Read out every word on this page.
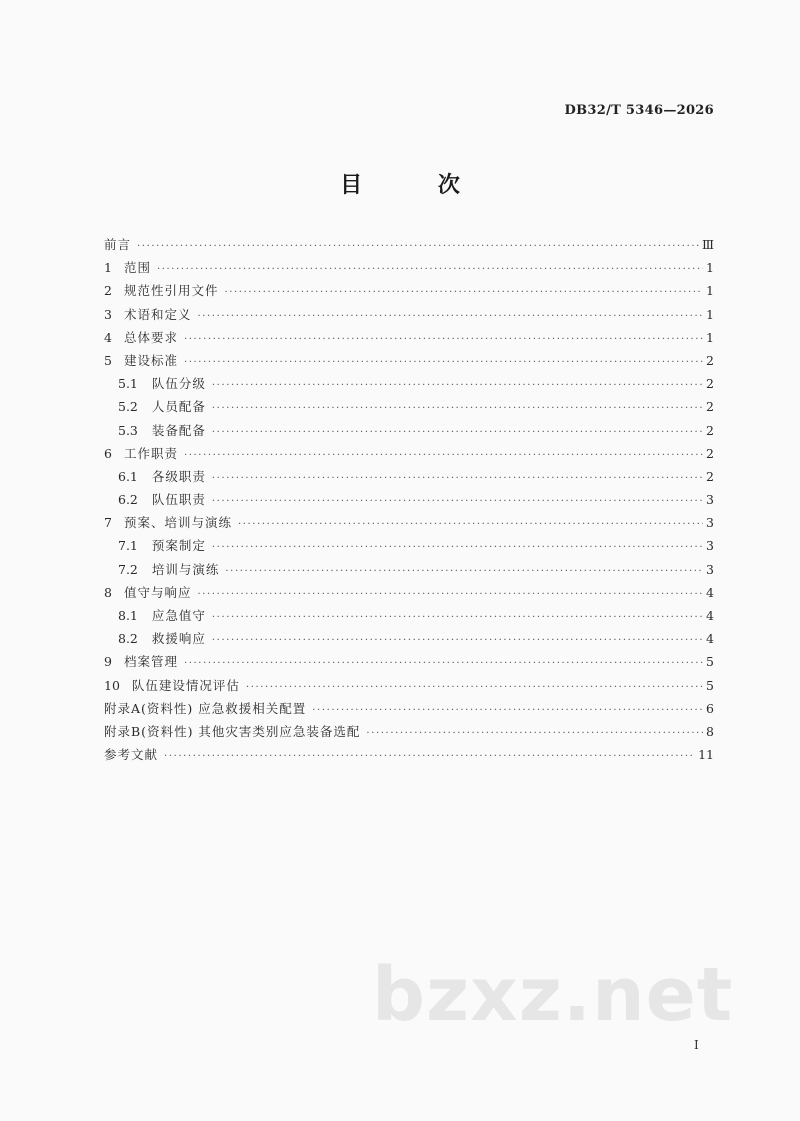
DB32/T 5346—2026
目 次
前言 ·····	Ⅲ
1 范围 ·····	1
2 规范性引用文件 ·····	1
3 术语和定义 ·····	1
4 总体要求 ·····	1
5 建设标准 ·····	2
5.1 队伍分级 ·····	2
5.2 人员配备 ·····	2
5.3 装备配备 ·····	2
6 工作职责 ·····	2
6.1 各级职责 ·····	2
6.2 队伍职责 ·····	3
7 预案、培训与演练 ·····	3
7.1 预案制定 ·····	3
7.2 培训与演练 ·····	3
8 值守与响应 ·····	4
8.1 应急值守 ·····	4
8.2 救援响应 ·····	4
9 档案管理 ·····	5
10 队伍建设情况评估 ·····	5
附录A(资料性) 应急救援相关配置 ·····	6
附录B(资料性) 其他灾害类别应急装备选配 ·····	8
参考文献 ·····	11
bzxz.net
I
